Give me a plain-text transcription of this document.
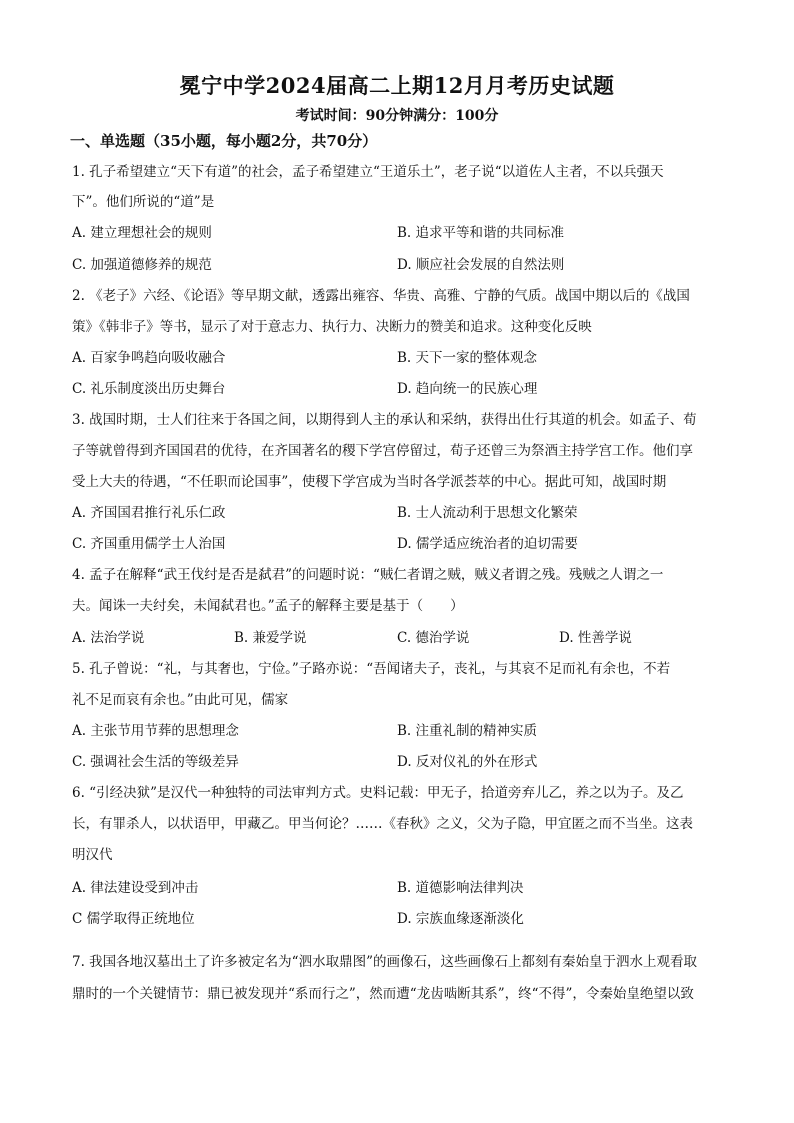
冕宁中学2024届高二上期12月月考历史试题
考试时间：90分钟满分：100分
一、单选题（35小题，每小题2分，共70分）
1. 孔子希望建立“天下有道”的社会，孟子希望建立“王道乐土”，老子说“以道佐人主者，不以兵强天
下”。他们所说的“道”是
A. 建立理想社会的规则	B. 追求平等和谐的共同标准
C. 加强道德修养的规范	D. 顺应社会发展的自然法则
2. 《老子》六经、《论语》等早期文献，透露出雍容、华贵、高雅、宁静的气质。战国中期以后的《战国
策》《韩非子》等书，显示了对于意志力、执行力、决断力的赞美和追求。这种变化反映
A. 百家争鸣趋向吸收融合	B. 天下一家的整体观念
C. 礼乐制度淡出历史舞台	D. 趋向统一的民族心理
3. 战国时期，士人们往来于各国之间，以期得到人主的承认和采纳，获得出仕行其道的机会。如孟子、荀
子等就曾得到齐国国君的优待，在齐国著名的稷下学宫停留过，荀子还曾三为祭酒主持学宫工作。他们享
受上大夫的待遇，“不任职而论国事”，使稷下学宫成为当时各学派荟萃的中心。据此可知，战国时期
A. 齐国国君推行礼乐仁政	B. 士人流动利于思想文化繁荣
C. 齐国重用儒学士人治国	D. 儒学适应统治者的迫切需要
4. 孟子在解释“武王伐纣是否是弑君”的问题时说：“贼仁者谓之贼，贼义者谓之残。残贼之人谓之一
夫。闻诛一夫纣矣，未闻弑君也。”孟子的解释主要是基于（　　）
A. 法治学说	B. 兼爱学说	C. 德治学说	D. 性善学说
5. 孔子曾说：“礼，与其奢也，宁俭。”子路亦说：“吾闻诸夫子，丧礼，与其哀不足而礼有余也，不若
礼不足而哀有余也。”由此可见，儒家
A. 主张节用节葬的思想理念	B. 注重礼制的精神实质
C. 强调社会生活的等级差异	D. 反对仪礼的外在形式
6. “引经决狱”是汉代一种独特的司法审判方式。史料记载：甲无子，拾道旁弃儿乙，养之以为子。及乙
长，有罪杀人，以状语甲，甲藏乙。甲当何论？……《春秋》之义，父为子隐，甲宜匿之而不当坐。这表
明汉代
A. 律法建设受到冲击	B. 道德影响法律判决
C 儒学取得正统地位	D. 宗族血缘逐渐淡化
7. 我国各地汉墓出土了许多被定名为“泗水取鼎图”的画像石，这些画像石上都刻有秦始皇于泗水上观看取
鼎时的一个关键情节：鼎已被发现并“系而行之”，然而遭“龙齿啮断其系”，终“不得”，令秦始皇绝望以致
